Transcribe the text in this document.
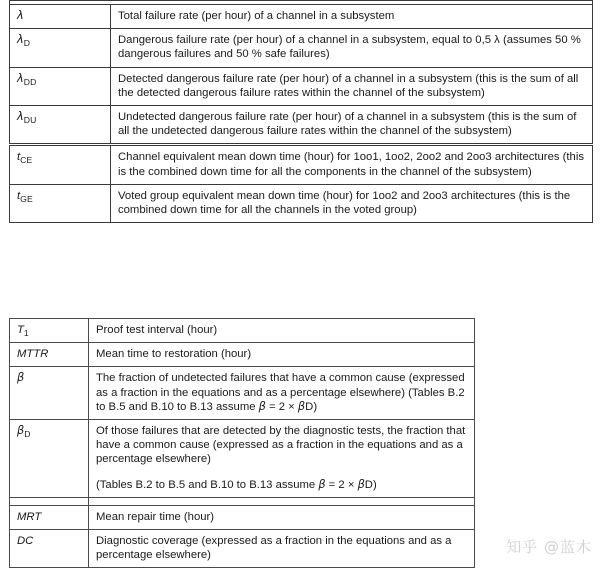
λ	Total failure rate (per hour) of a channel in a subsystem

$\lambda_D$	Dangerous failure rate (per hour) of a channel in a subsystem, equal to 0,5 λ (assumes 50 % dangerous failures and 50 % safe failures)

$\lambda_{DD}$	Detected dangerous failure rate (per hour) of a channel in a subsystem (this is the sum of all the detected dangerous failure rates within the channel of the subsystem)

$\lambda_{DU}$	Undetected dangerous failure rate (per hour) of a channel in a subsystem (this is the sum of all the undetected dangerous failure rates within the channel of the subsystem)

$t_{CE}$	Channel equivalent mean down time (hour) for 1oo1, 1oo2, 2oo2 and 2oo3 architectures (this is the combined down time for all the components in the channel of the subsystem)

$t_{GE}$	Voted group equivalent mean down time (hour) for 1oo2 and 2oo3 architectures (this is the combined down time for all the channels in the voted group)

$T_1$	Proof test interval (hour)

MTTR	Mean time to restoration (hour)

β	The fraction of undetected failures that have a common cause (expressed as a fraction in the equations and as a percentage elsewhere) (Tables B.2 to B.5 and B.10 to B.13 assume β = 2 × βD)

$\beta_D$	Of those failures that are detected by the diagnostic tests, the fraction that have a common cause (expressed as a fraction in the equations and as a percentage elsewhere)

(Tables B.2 to B.5 and B.10 to B.13 assume β = 2 × βD)

MRT	Mean repair time (hour)

DC	Diagnostic coverage (expressed as a fraction in the equations and as a percentage elsewhere)	知乎 @蓝木
